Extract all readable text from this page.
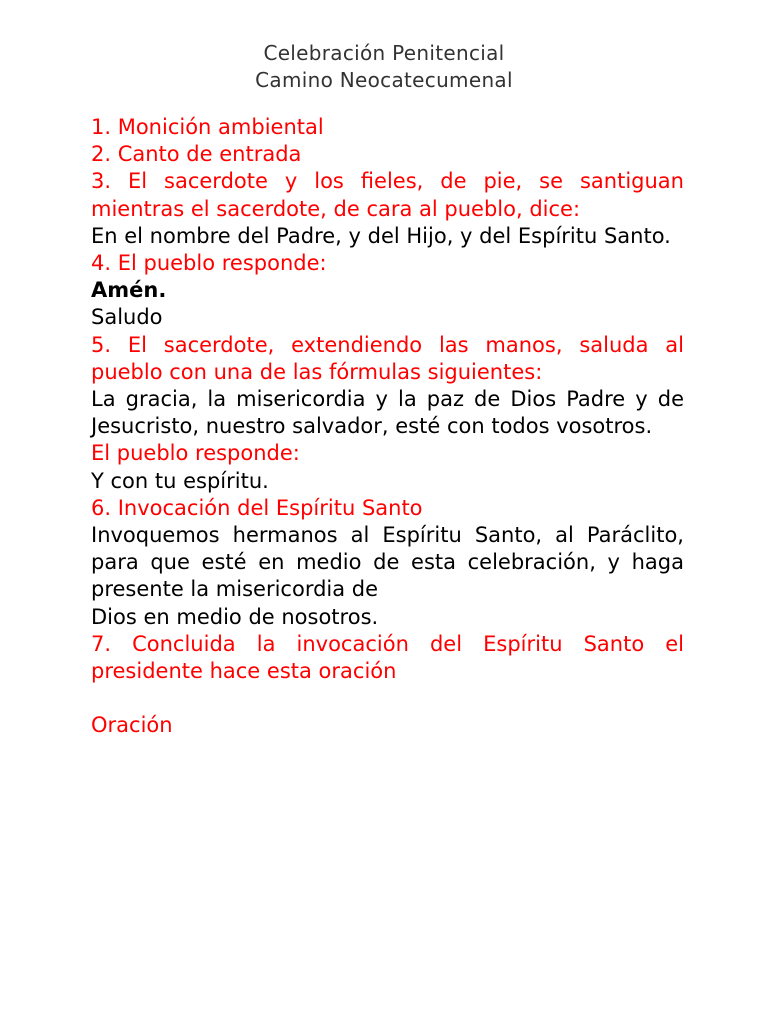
Celebración Penitencial
Camino Neocatecumenal

1. Monición ambiental

2. Canto de entrada

3. El sacerdote y los fieles, de pie, se santiguan mientras el sacerdote, de cara al pueblo, dice:

En el nombre del Padre, y del Hijo, y del Espíritu Santo.

4. El pueblo responde:

Amén.

Saludo

5. El sacerdote, extendiendo las manos, saluda al pueblo con una de las fórmulas siguientes:

La gracia, la misericordia y la paz de Dios Padre y de Jesucristo, nuestro salvador, esté con todos vosotros.

El pueblo responde:

Y con tu espíritu.

6. Invocación del Espíritu Santo

Invoquemos hermanos al Espíritu Santo, al Paráclito, para que esté en medio de esta celebración, y haga presente la misericordia de

Dios en medio de nosotros.

7. Concluida la invocación del Espíritu Santo el presidente hace esta oración

Oración
